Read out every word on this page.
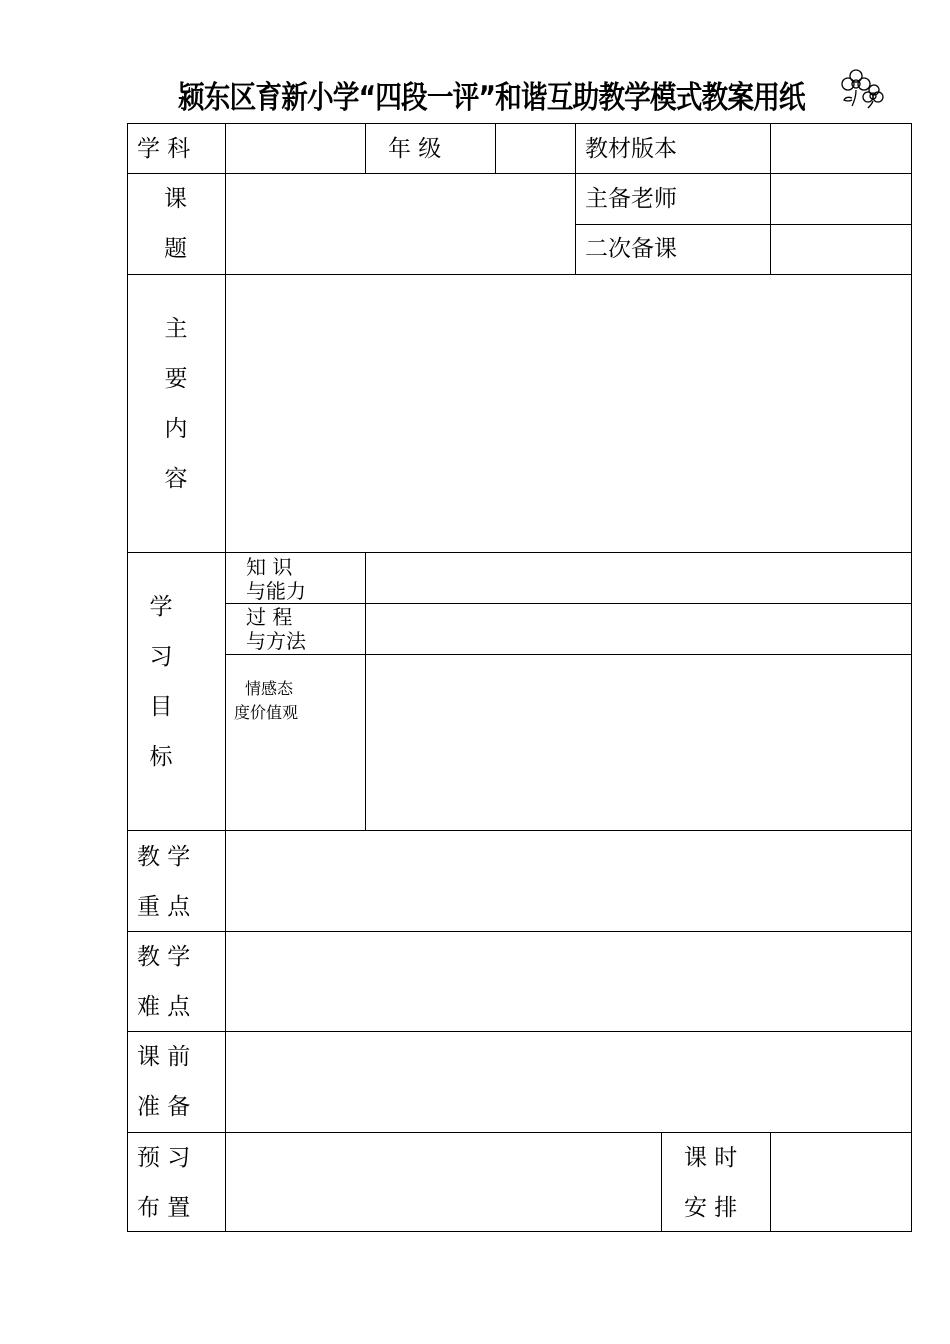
颍东区育新小学“四段一评”和谐互助教学模式教案用纸
学 科	年 级	教材版本
课
题
主备老师
二次备课
主
要
内
容
学
习
目
标
知 识
与能力
过 程
与方法
情感态
度价值观
教 学
重 点
教 学
难 点
课 前
准 备
预 习
布 置
课 时
安 排
